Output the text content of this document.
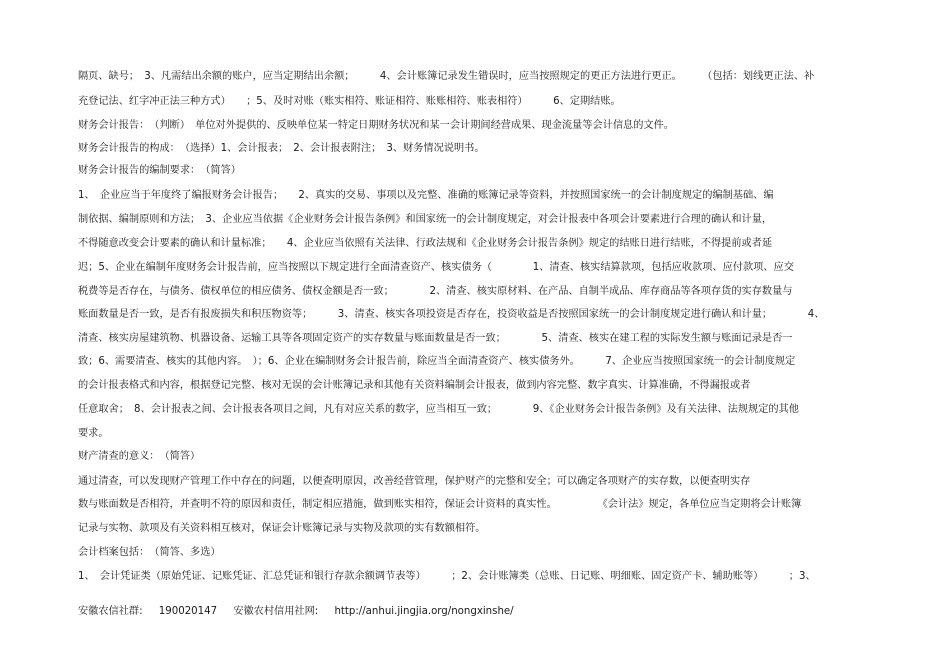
隔页、缺号；　3、凡需结出余额的账户，应当定期结出余额；　　　4、会计账簿记录发生错误时，应当按照规定的更正方法进行更正。　　　（包括：划线更正法、补
充登记法、红字冲正法三种方式）　　；5、及时对账（账实相符、账证相符、账账相符、账表相符）　　　6、定期结账。
财务会计报告：　（判断）　单位对外提供的、反映单位某一特定日期财务状况和某一会计期间经营成果、现金流量等会计信息的文件。
财务会计报告的构成：　（选择）1、会计报表；　2、会计报表附注；　3、财务情况说明书。
财务会计报告的编制要求：　（简答）
1、　企业应当于年度终了编报财务会计报告；　　2、真实的交易、事项以及完整、准确的账簿记录等资料，并按照国家统一的会计制度规定的编制基础、编
制依据、编制原则和方法；　3、企业应当依据《企业财务会计报告条例》和国家统一的会计制度规定，对会计报表中各项会计要素进行合理的确认和计量，
不得随意改变会计要素的确认和计量标准；　　4、企业应当依照有关法律、行政法规和《企业财务会计报告条例》规定的结账日进行结账，不得提前或者延
迟；5、企业在编制年度财务会计报告前，应当按照以下规定进行全面清查资产、核实债务（　　　　1、清查、核实结算款项，包括应收款项、应付款项、应交
税费等是否存在，与债务、债权单位的相应债务、债权金额是否一致；　　　　2、清查、核实原材料、在产品、自制半成品、库存商品等各项存货的实存数量与
账面数量是否一致，是否有报废损失和积压物资等；　　　3、清查、核实各项投资是否存在，投资收益是否按照国家统一的会计制度规定进行确认和计量；　　　　4、
清查、核实房屋建筑物、机器设备、运输工具等各项固定资产的实存数量与账面数量是否一致；　　　　5、清查、核实在建工程的实际发生额与账面记录是否一
致；6、需要清查、核实的其他内容。　）；6、企业在编制财务会计报告前，除应当全面清查资产、核实债务外。　　　7、企业应当按照国家统一的会计制度规定
的会计报表格式和内容，根据登记完整、核对无误的会计账簿记录和其他有关资料编制会计报表，做到内容完整、数字真实、计算准确，不得漏报或者
任意取舍；　8、会计报表之间、会计报表各项目之间，凡有对应关系的数字，应当相互一致；　　　　9、《企业财务会计报告条例》及有关法律、法规规定的其他
要求。
财产清查的意义：　（简答）
通过清查，可以发现财产管理工作中存在的问题，以便查明原因，改善经营管理，保护财产的完整和安全；可以确定各项财产的实存数，以便查明实存
数与账面数是否相符，并查明不符的原因和责任，制定相应措施，做到账实相符，保证会计资料的真实性。　　　　　《会计法》规定，各单位应当定期将会计账簿
记录与实物、款项及有关资料相互核对，保证会计账簿记录与实物及款项的实有数额相符。
会计档案包括：　（简答、多选）
1、　会计凭证类（原始凭证、记账凭证、汇总凭证和银行存款余额调节表等）　　　；2、会计账簿类（总账、日记账、明细账、固定资产卡、辅助账等）　　　；3、
安徽农信社群: 190020147 安徽农村信用社网: http://anhui.jingjia.org/nongxinshe/
